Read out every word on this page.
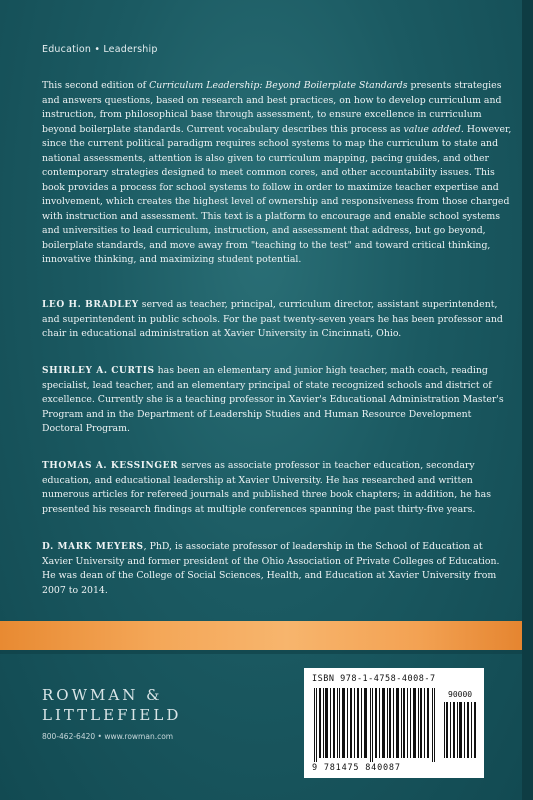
Education • Leadership

This second edition of Curriculum Leadership: Beyond Boilerplate Standards presents strategies and answers questions, based on research and best practices, on how to develop curriculum and instruction, from philosophical base through assessment, to ensure excellence in curriculum beyond boilerplate standards. Current vocabulary describes this process as value added. However, since the current political paradigm requires school systems to map the curriculum to state and national assessments, attention is also given to curriculum mapping, pacing guides, and other contemporary strategies designed to meet common cores, and other accountability issues. This book provides a process for school systems to follow in order to maximize teacher expertise and involvement, which creates the highest level of ownership and responsiveness from those charged with instruction and assessment. This text is a platform to encourage and enable school systems and universities to lead curriculum, instruction, and assessment that address, but go beyond, boilerplate standards, and move away from "teaching to the test" and toward critical thinking, innovative thinking, and maximizing student potential.

LEO H. BRADLEY served as teacher, principal, curriculum director, assistant superintendent, and superintendent in public schools. For the past twenty-seven years he has been professor and chair in educational administration at Xavier University in Cincinnati, Ohio.

SHIRLEY A. CURTIS has been an elementary and junior high teacher, math coach, reading specialist, lead teacher, and an elementary principal of state recognized schools and district of excellence. Currently she is a teaching professor in Xavier's Educational Administration Master's Program and in the Department of Leadership Studies and Human Resource Development Doctoral Program.

THOMAS A. KESSINGER serves as associate professor in teacher education, secondary education, and educational leadership at Xavier University. He has researched and written numerous articles for refereed journals and published three book chapters; in addition, he has presented his research findings at multiple conferences spanning the past thirty-five years.

D. MARK MEYERS, PhD, is associate professor of leadership in the School of Education at Xavier University and former president of the Ohio Association of Private Colleges of Education. He was dean of the College of Social Sciences, Health, and Education at Xavier University from 2007 to 2014.

ROWMAN &
LITTLEFIELD
800-462-6420 • www.rowman.com
ISBN 978-1-4758-4008-7
90000
9 781475 840087
